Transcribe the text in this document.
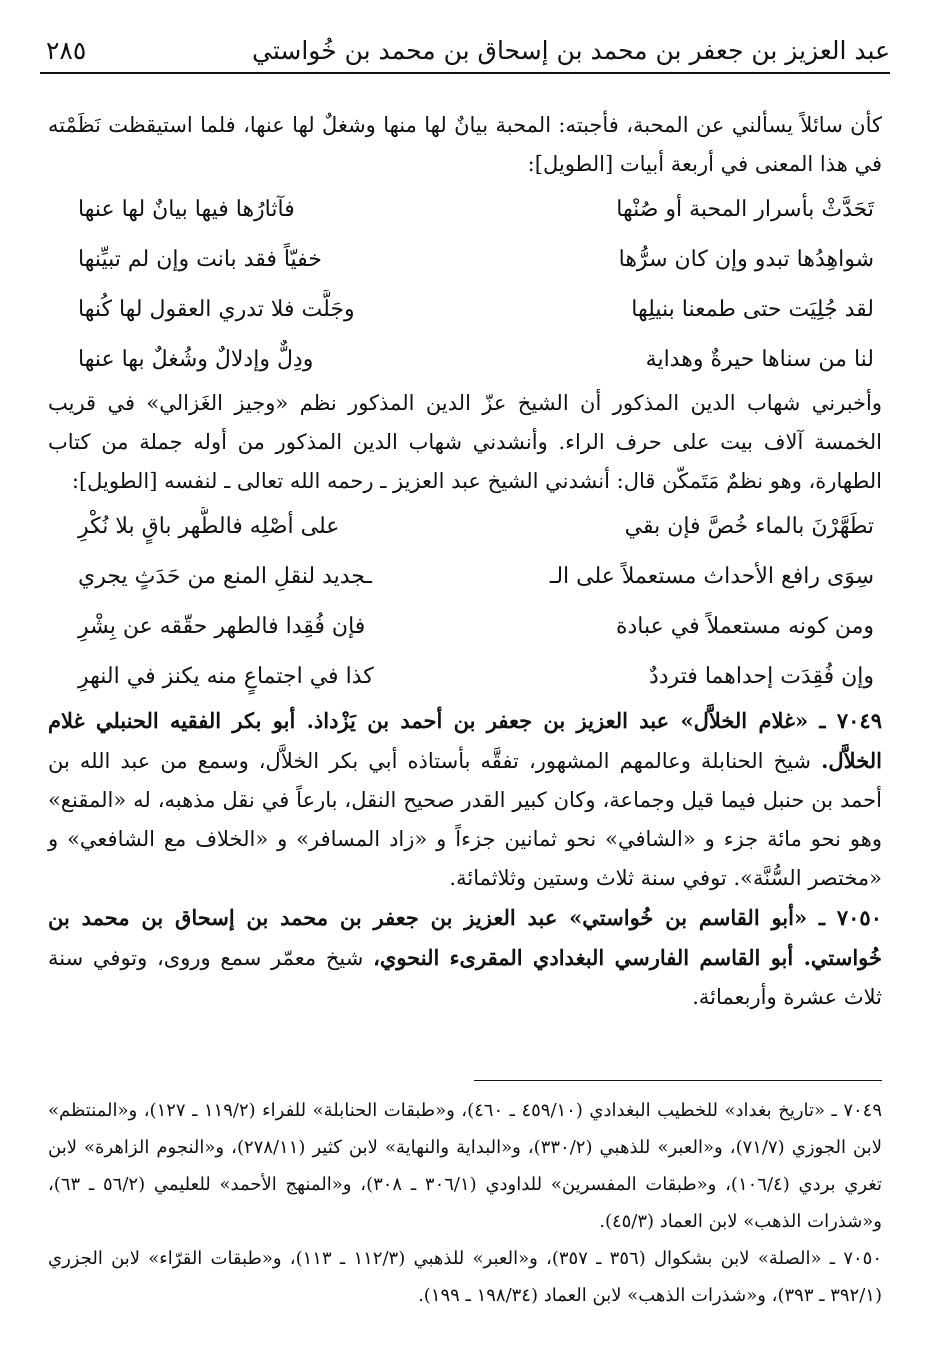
عبد العزيز بن جعفر بن محمد بن إسحاق بن محمد بن خُواستي
٢٨٥

كأن سائلاً يسألني عن المحبة، فأجبته: المحبة بيانٌ لها منها وشغلٌ لها عنها، فلما استيقظت نَظَمْته في هذا المعنى في أربعة أبيات [الطويل]:

تَحَدَّثْ بأسرار المحبة أو صُنْها
فآثارُها فيها بيانٌ لها عنها
شواهِدُها تبدو وإن كان سرُّها
خفيّاً فقد بانت وإن لم تبيِّنها
لقد جُلِيَت حتى طمعنا بنيلِها
وجَلَّت فلا تدري العقول لها كُنها
لنا من سناها حيرةٌ وهداية
ودِلٌّ وإدلالٌ وشُغلٌ بها عنها

وأخبرني شهاب الدين المذكور أن الشيخ عزّ الدين المذكور نظم «وجيز الغَزالي» في قريب الخمسة آلاف بيت على حرف الراء. وأنشدني شهاب الدين المذكور من أوله جملة من كتاب الطهارة، وهو نظمٌ مَتَمكّن قال: أنشدني الشيخ عبد العزيز ـ رحمه الله تعالى ـ لنفسه [الطويل]:

تطَهَّرْنَ بالماء خُصَّ فإن بقي
على أصْلِه فالطُّهر باقٍ بلا نُكْرِ
سِوَى رافع الأحداث مستعملاً على الـ
ـجديد لنقلِ المنع من حَدَثٍ يجري
ومن كونه مستعملاً في عبادة
فإن فُقِدا فالطهر حقّقه عن بِشْرِ
وإن فُقِدَت إحداهما فترددٌ
كذا في اجتماعٍ منه يكنز في النهرِ

٧٠٤٩ ـ «غلام الخلاَّل» عبد العزيز بن جعفر بن أحمد بن يَزْداذ. أبو بكر الفقيه الحنبلي غلام الخلاَّل. شيخ الحنابلة وعالمهم المشهور، تفقَّه بأستاذه أبي بكر الخلاَّل، وسمع من عبد الله بن أحمد بن حنبل فيما قيل وجماعة، وكان كبير القدر صحيح النقل، بارعاً في نقل مذهبه، له «المقنع» وهو نحو مائة جزء و «الشافي» نحو ثمانين جزءاً و «زاد المسافر» و «الخلاف مع الشافعي» و «مختصر السُّنَّة». توفي سنة ثلاث وستين وثلاثمائة.

٧٠٥٠ ـ «أبو القاسم بن خُواستي» عبد العزيز بن جعفر بن محمد بن إسحاق بن محمد بن خُواستي. أبو القاسم الفارسي البغدادي المقرىء النحوي، شيخ معمّر سمع وروى، وتوفي سنة ثلاث عشرة وأربعمائة.

٧٠٤٩ ـ «تاريخ بغداد» للخطيب البغدادي (٤٥٩/١٠ ـ ٤٦٠)، و«طبقات الحنابلة» للفراء (١١٩/٢ ـ ١٢٧)، و«المنتظم» لابن الجوزي (٧١/٧)، و«العبر» للذهبي (٣٣٠/٢)، و«البداية والنهاية» لابن كثير (٢٧٨/١١)، و«النجوم الزاهرة» لابن تغري بردي (١٠٦/٤)، و«طبقات المفسرين» للداودي (٣٠٦/١ ـ ٣٠٨)، و«المنهج الأحمد» للعليمي (٥٦/٢ ـ ٦٣)، و«شذرات الذهب» لابن العماد (٤٥/٣).

٧٠٥٠ ـ «الصلة» لابن بشكوال (٣٥٦ ـ ٣٥٧)، و«العبر» للذهبي (١١٢/٣ ـ ١١٣)، و«طبقات القرّاء» لابن الجزري (٣٩٢/١ ـ ٣٩٣)، و«شذرات الذهب» لابن العماد (١٩٨/٣٤ ـ ١٩٩).
